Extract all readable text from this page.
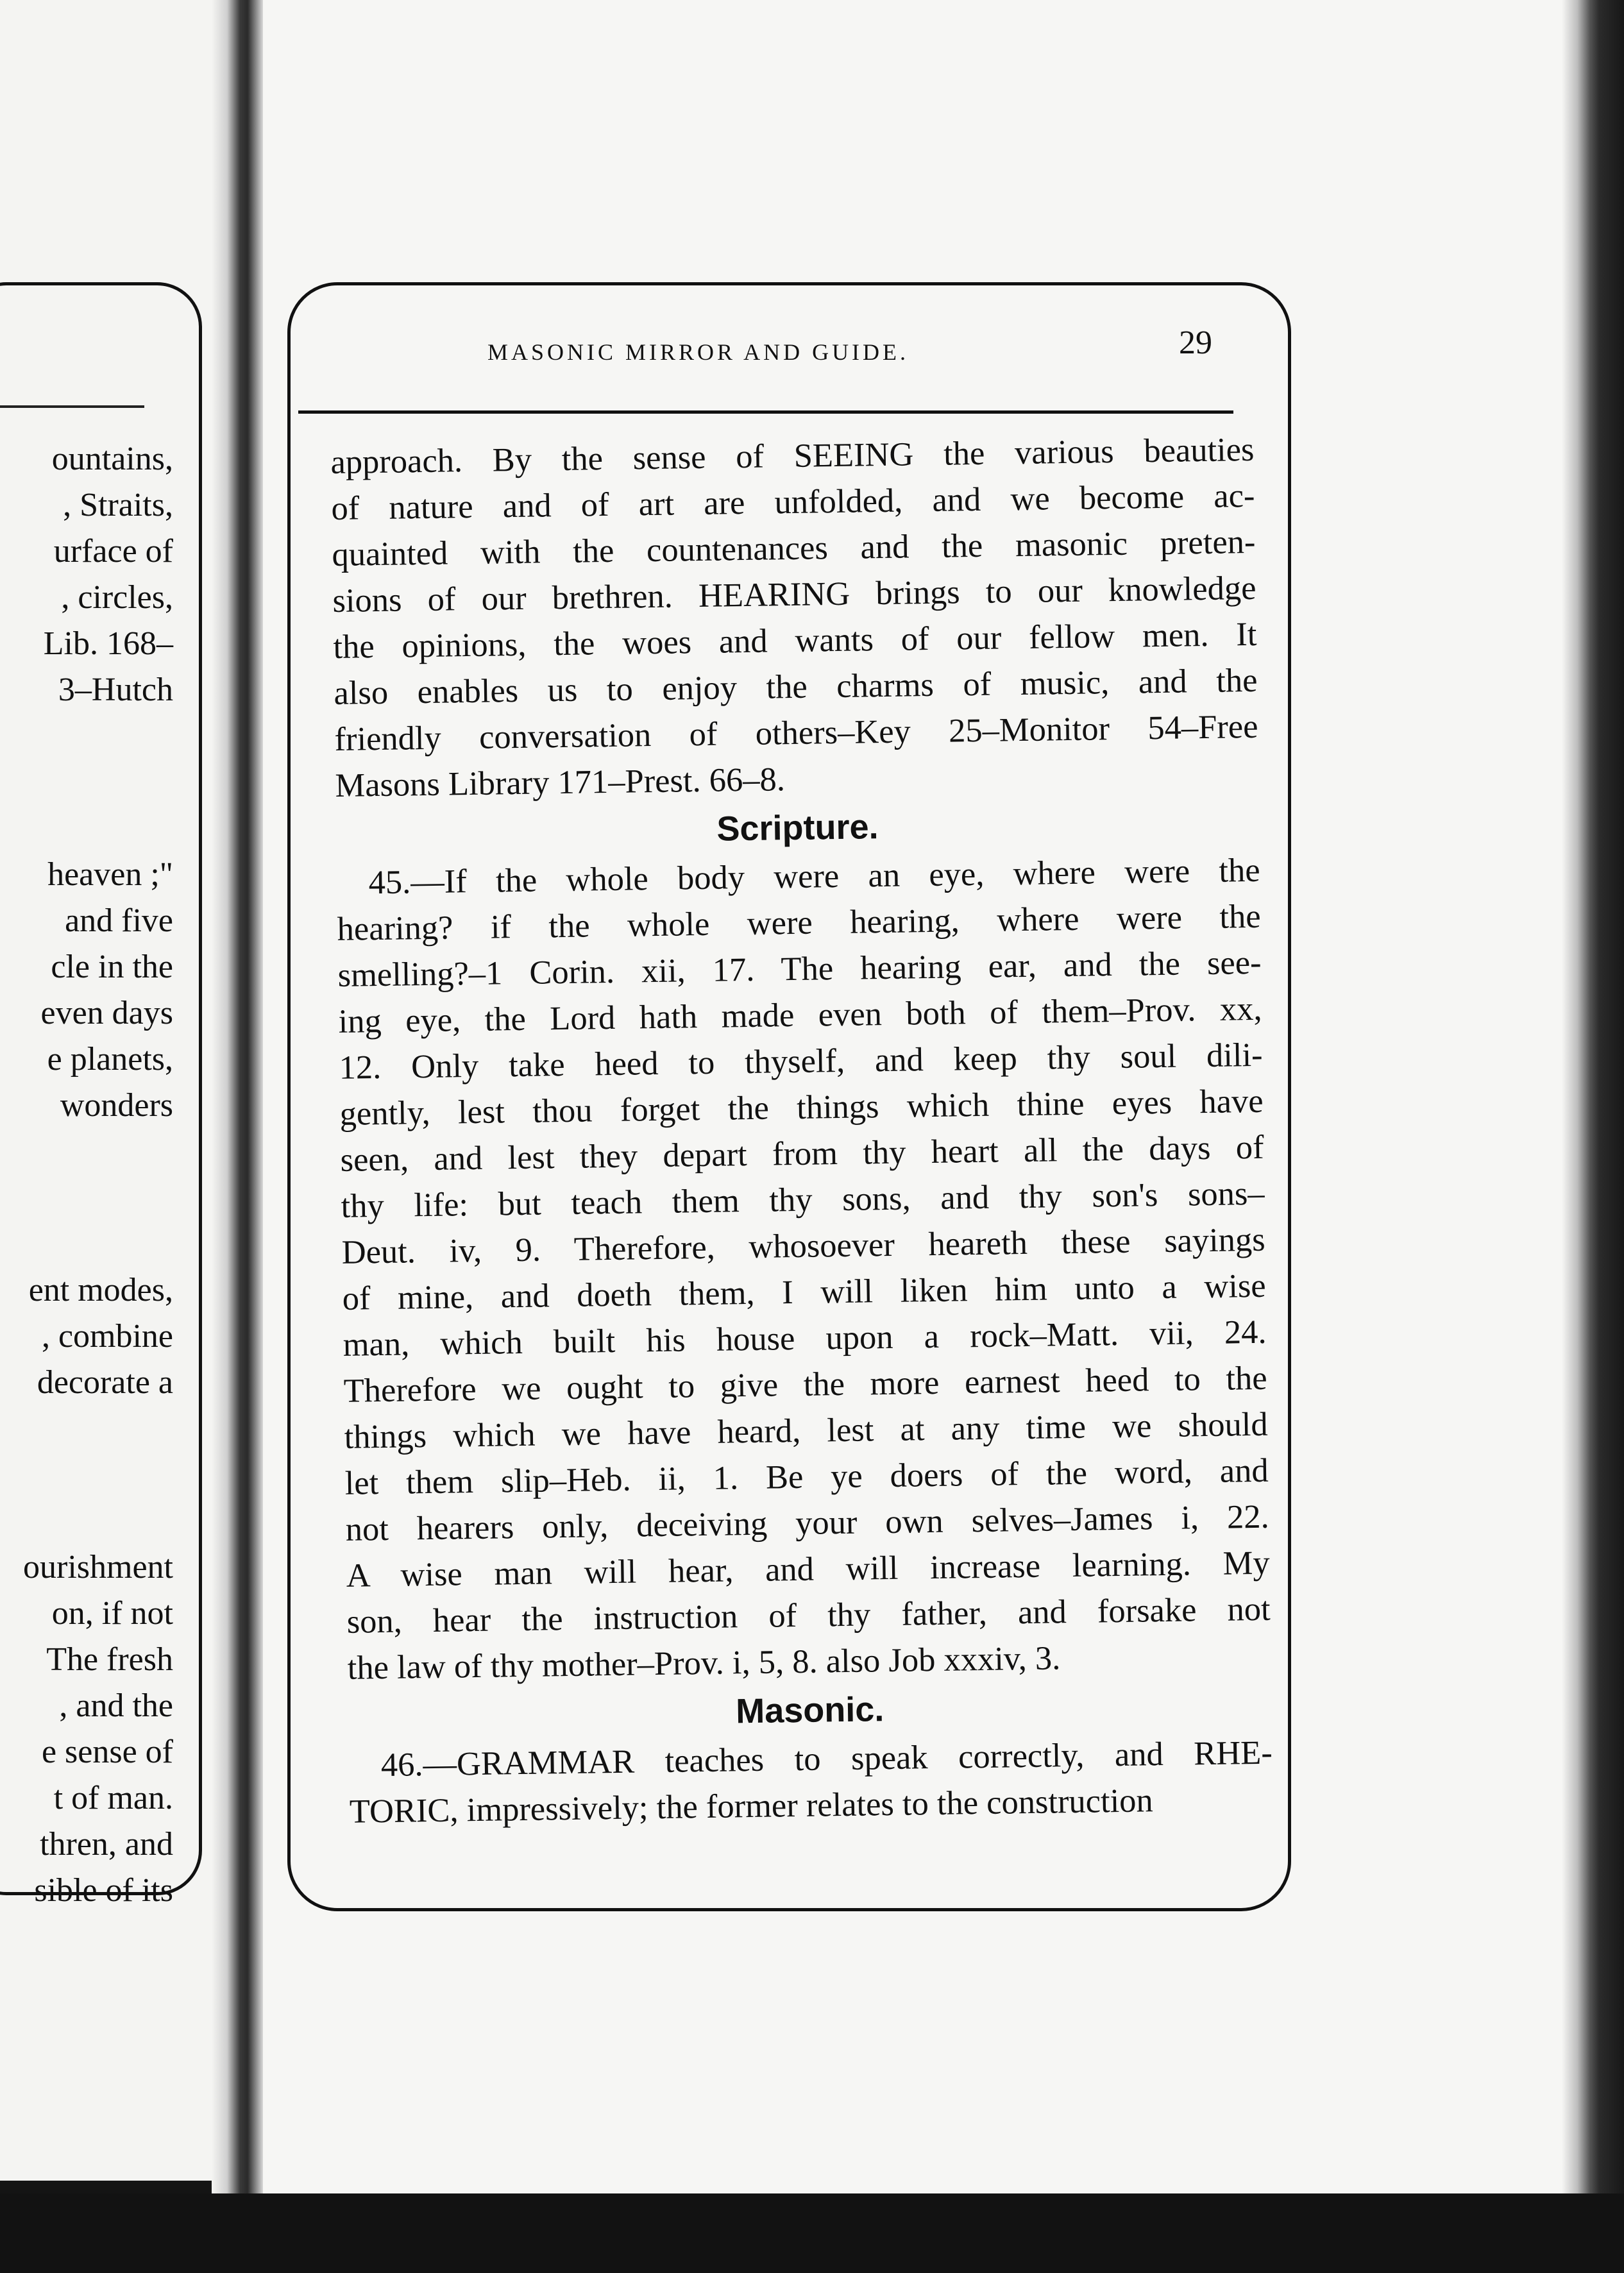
ountains,
, Straits,
urface of
, circles,
Lib. 168–
3–Hutch
heaven ;"
and five
cle in the
even days
e planets,
wonders
ent modes,
, combine
decorate a
ourishment
on, if not
The fresh
, and the
e sense of
t of man.
thren, and
sible of its
MASONIC MIRROR AND GUIDE.	29
approach. By the sense of SEEING the various beauties
of nature and of art are unfolded, and we become ac-
quainted with the countenances and the masonic preten-
sions of our brethren. HEARING brings to our knowledge
the opinions, the woes and wants of our fellow men. It
also enables us to enjoy the charms of music, and the
friendly conversation of others–Key 25–Monitor 54–Free
Masons Library 171–Prest. 66–8.
Scripture.
45.—If the whole body were an eye, where were the
hearing? if the whole were hearing, where were the
smelling?–1 Corin. xii, 17. The hearing ear, and the see-
ing eye, the Lord hath made even both of them–Prov. xx,
12. Only take heed to thyself, and keep thy soul dili-
gently, lest thou forget the things which thine eyes have
seen, and lest they depart from thy heart all the days of
thy life: but teach them thy sons, and thy son's sons–
Deut. iv, 9. Therefore, whosoever heareth these sayings
of mine, and doeth them, I will liken him unto a wise
man, which built his house upon a rock–Matt. vii, 24.
Therefore we ought to give the more earnest heed to the
things which we have heard, lest at any time we should
let them slip–Heb. ii, 1. Be ye doers of the word, and
not hearers only, deceiving your own selves–James i, 22.
A wise man will hear, and will increase learning. My
son, hear the instruction of thy father, and forsake not
the law of thy mother–Prov. i, 5, 8. also Job xxxiv, 3.
Masonic.
46.—GRAMMAR teaches to speak correctly, and RHE-
TORIC, impressively; the former relates to the construction
